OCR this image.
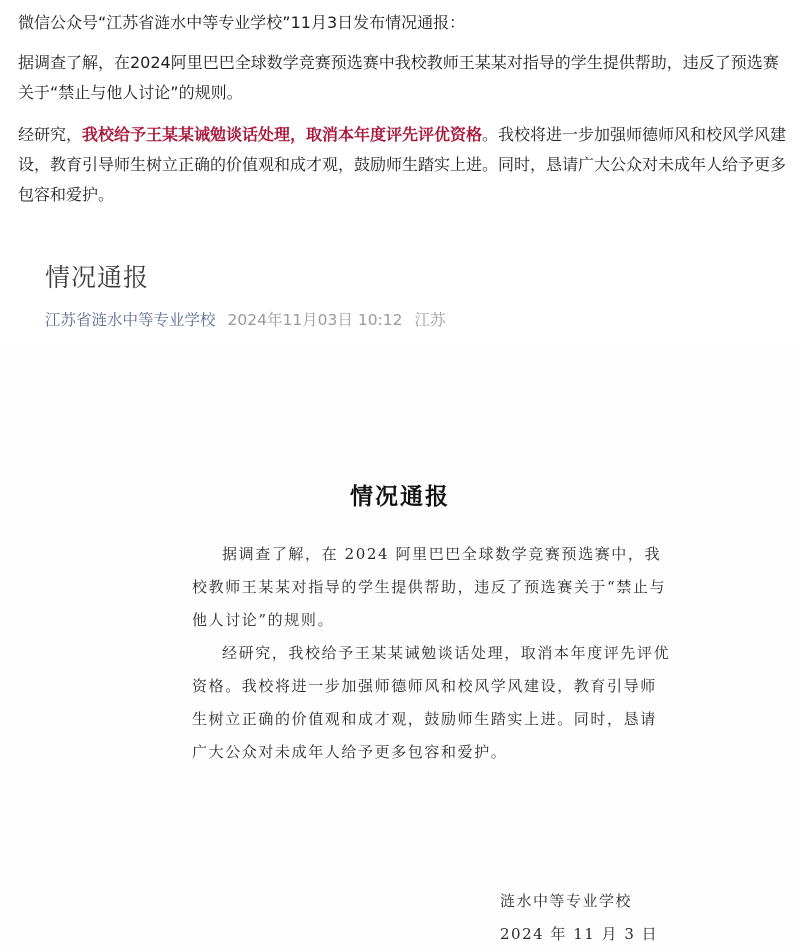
微信公众号“江苏省涟水中等专业学校”11月3日发布情况通报：

据调查了解，在2024阿里巴巴全球数学竞赛预选赛中我校教师王某某对指导的学生提供帮助，违反了预选赛关于“禁止与他人讨论”的规则。

经研究，我校给予王某某诫勉谈话处理，取消本年度评先评优资格。我校将进一步加强师德师风和校风学风建设，教育引导师生树立正确的价值观和成才观，鼓励师生踏实上进。同时，恳请广大公众对未成年人给予更多包容和爱护。

情况通报
江苏省涟水中等专业学校 2024年11月03日 10:12 江苏
情况通报

据调查了解，在 2024 阿里巴巴全球数学竞赛预选赛中，我校教师王某某对指导的学生提供帮助，违反了预选赛关于“禁止与他人讨论”的规则。

经研究，我校给予王某某诫勉谈话处理，取消本年度评先评优资格。我校将进一步加强师德师风和校风学风建设，教育引导师生树立正确的价值观和成才观，鼓励师生踏实上进。同时，恳请广大公众对未成年人给予更多包容和爱护。

涟水中等专业学校
2024 年 11 月 3 日
